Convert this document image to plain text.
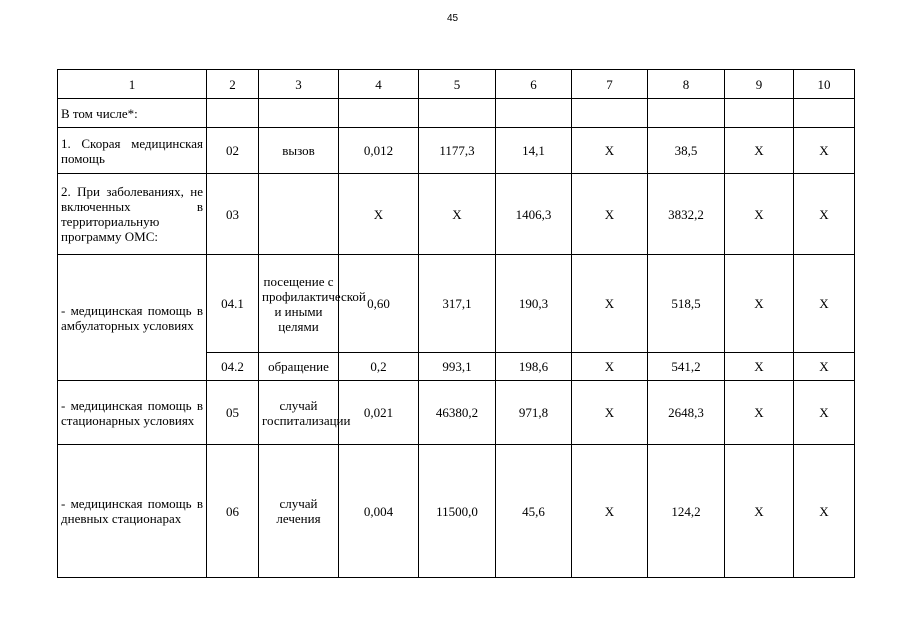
45
1	2	3	4	5	6	7	8	9	10
В том числе*:									
1. Скорая медицинская помощь	02	вызов	0,012	1177,3	14,1	Х	38,5	Х	Х
2. При заболеваниях, не включенных в территориальную программу ОМС:	03		Х	Х	1406,3	Х	3832,2	Х	Х
- медицинская помощь в амбулаторных условиях	04.1	посещение с профилактической и иными целями	0,60	317,1	190,3	Х	518,5	Х	Х
	04.2	обращение	0,2	993,1	198,6	Х	541,2	Х	Х
- медицинская помощь в стационарных условиях	05	случай госпитализации	0,021	46380,2	971,8	Х	2648,3	Х	Х
- медицинская помощь в дневных стационарах	06	случай лечения	0,004	11500,0	45,6	Х	124,2	Х	Х
